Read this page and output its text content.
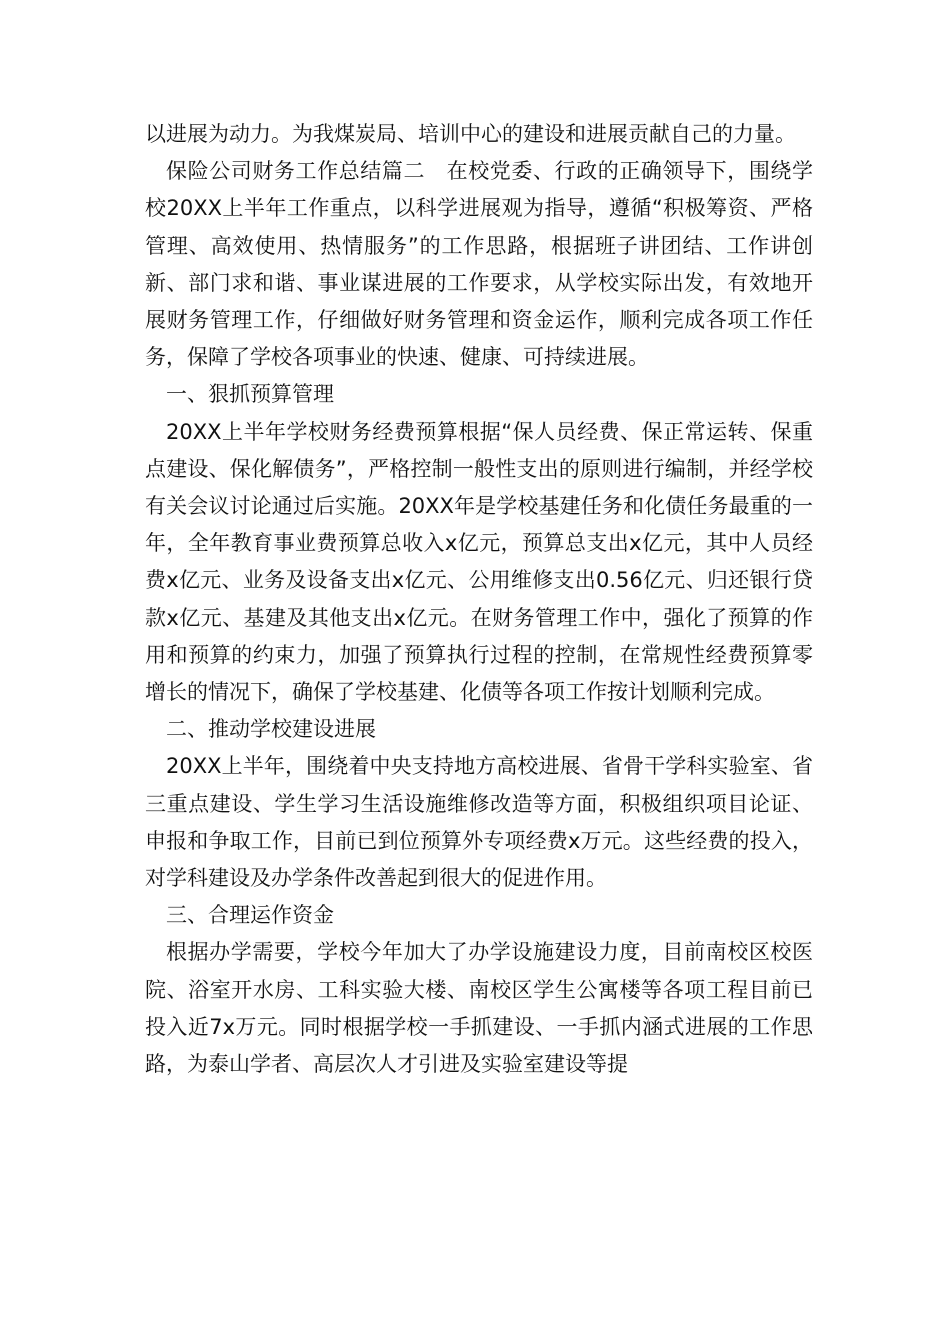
以进展为动力。为我煤炭局、培训中心的建设和进展贡献自己的力量。

保险公司财务工作总结篇二　在校党委、行政的正确领导下，围绕学校20XX上半年工作重点，以科学进展观为指导，遵循“积极筹资、严格管理、高效使用、热情服务”的工作思路，根据班子讲团结、工作讲创新、部门求和谐、事业谋进展的工作要求，从学校实际出发，有效地开展财务管理工作，仔细做好财务管理和资金运作，顺利完成各项工作任务，保障了学校各项事业的快速、健康、可持续进展。

一、狠抓预算管理

20XX上半年学校财务经费预算根据“保人员经费、保正常运转、保重点建设、保化解债务”，严格控制一般性支出的原则进行编制，并经学校有关会议讨论通过后实施。20XX年是学校基建任务和化债任务最重的一年，全年教育事业费预算总收入x亿元，预算总支出x亿元，其中人员经费x亿元、业务及设备支出x亿元、公用维修支出0.56亿元、归还银行贷款x亿元、基建及其他支出x亿元。在财务管理工作中，强化了预算的作用和预算的约束力，加强了预算执行过程的控制，在常规性经费预算零增长的情况下，确保了学校基建、化债等各项工作按计划顺利完成。

二、推动学校建设进展

20XX上半年，围绕着中央支持地方高校进展、省骨干学科实验室、省三重点建设、学生学习生活设施维修改造等方面，积极组织项目论证、申报和争取工作，目前已到位预算外专项经费x万元。这些经费的投入，对学科建设及办学条件改善起到很大的促进作用。

三、合理运作资金

根据办学需要，学校今年加大了办学设施建设力度，目前南校区校医院、浴室开水房、工科实验大楼、南校区学生公寓楼等各项工程目前已投入近7x万元。同时根据学校一手抓建设、一手抓内涵式进展的工作思路，为泰山学者、高层次人才引进及实验室建设等提
